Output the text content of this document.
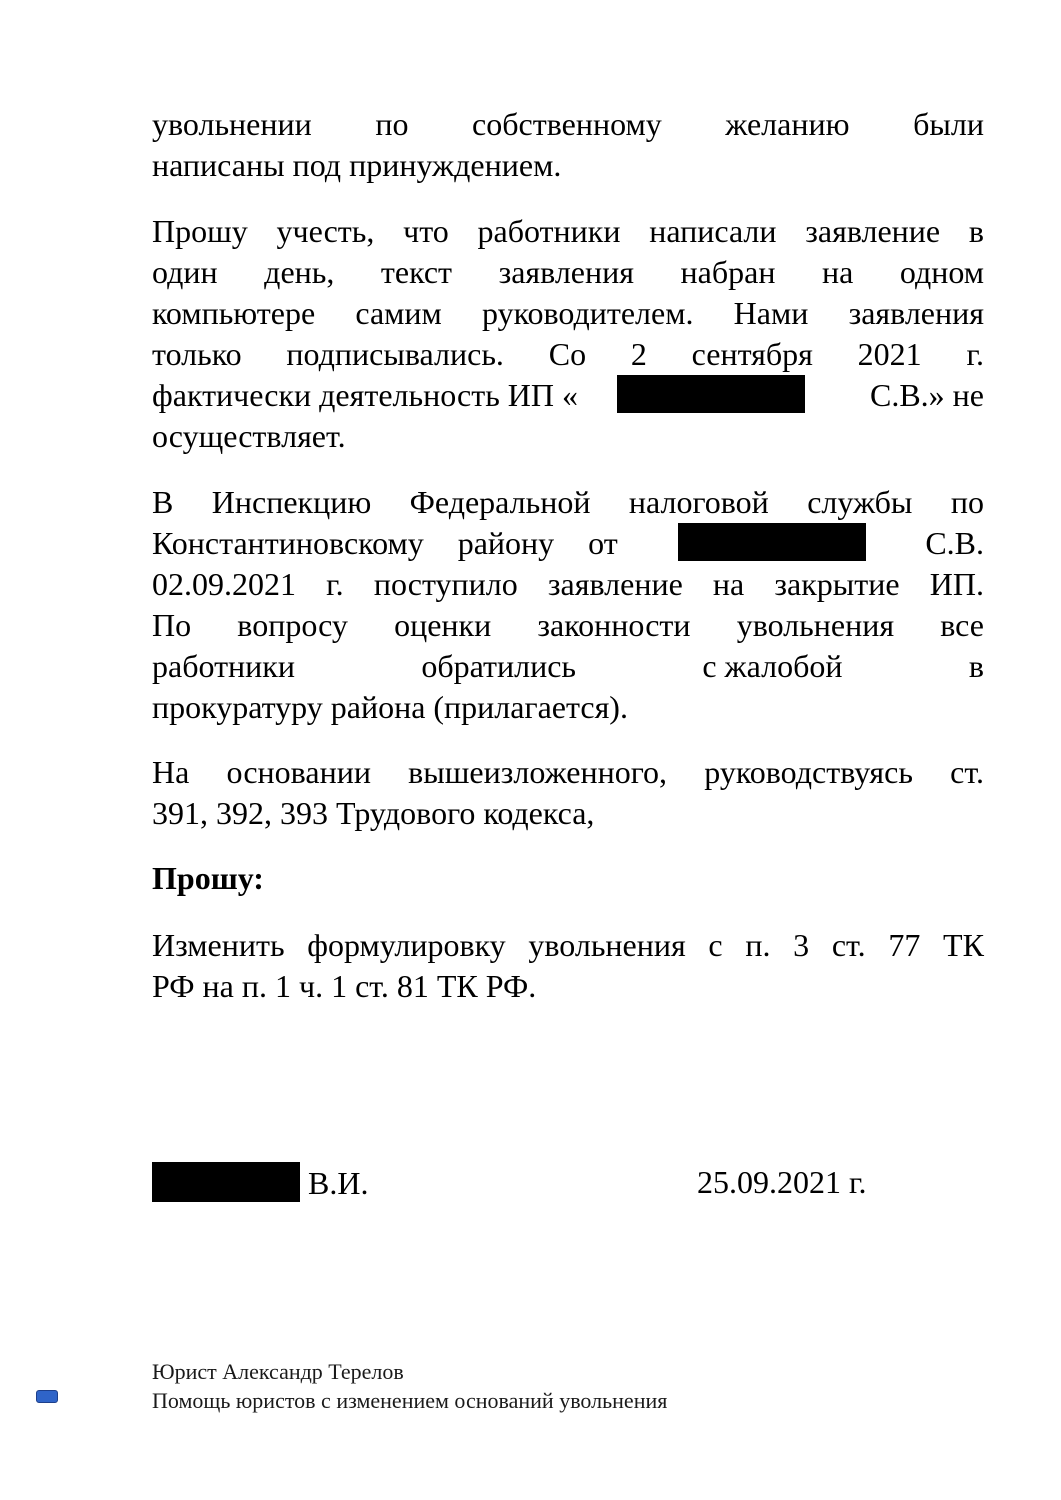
увольнении по собственному желанию были
написаны под принуждением.
Прошу учесть, что работники написали заявление в
один день, текст заявления набран на одном
компьютере самим руководителем. Нами заявления
только подписывались. Со 2 сентября 2021 г.
фактически деятельность ИП «	С.В.» не
осуществляет.
В Инспекцию Федеральной налоговой службы по
Константиновскому району от	С.В.
02.09.2021 г. поступило заявление на закрытие ИП.
По вопросу оценки законности увольнения все
работники	обратились	с жалобой	в
прокуратуру района (прилагается).
На основании вышеизложенного, руководствуясь ст.
391, 392, 393 Трудового кодекса,
Прошу:
Изменить формулировку увольнения с п. 3 ст. 77 ТК
РФ на п. 1 ч. 1 ст. 81 ТК РФ.
В.И.	25.09.2021 г.
Юрист Александр Терелов
Помощь юристов с изменением оснований увольнения
